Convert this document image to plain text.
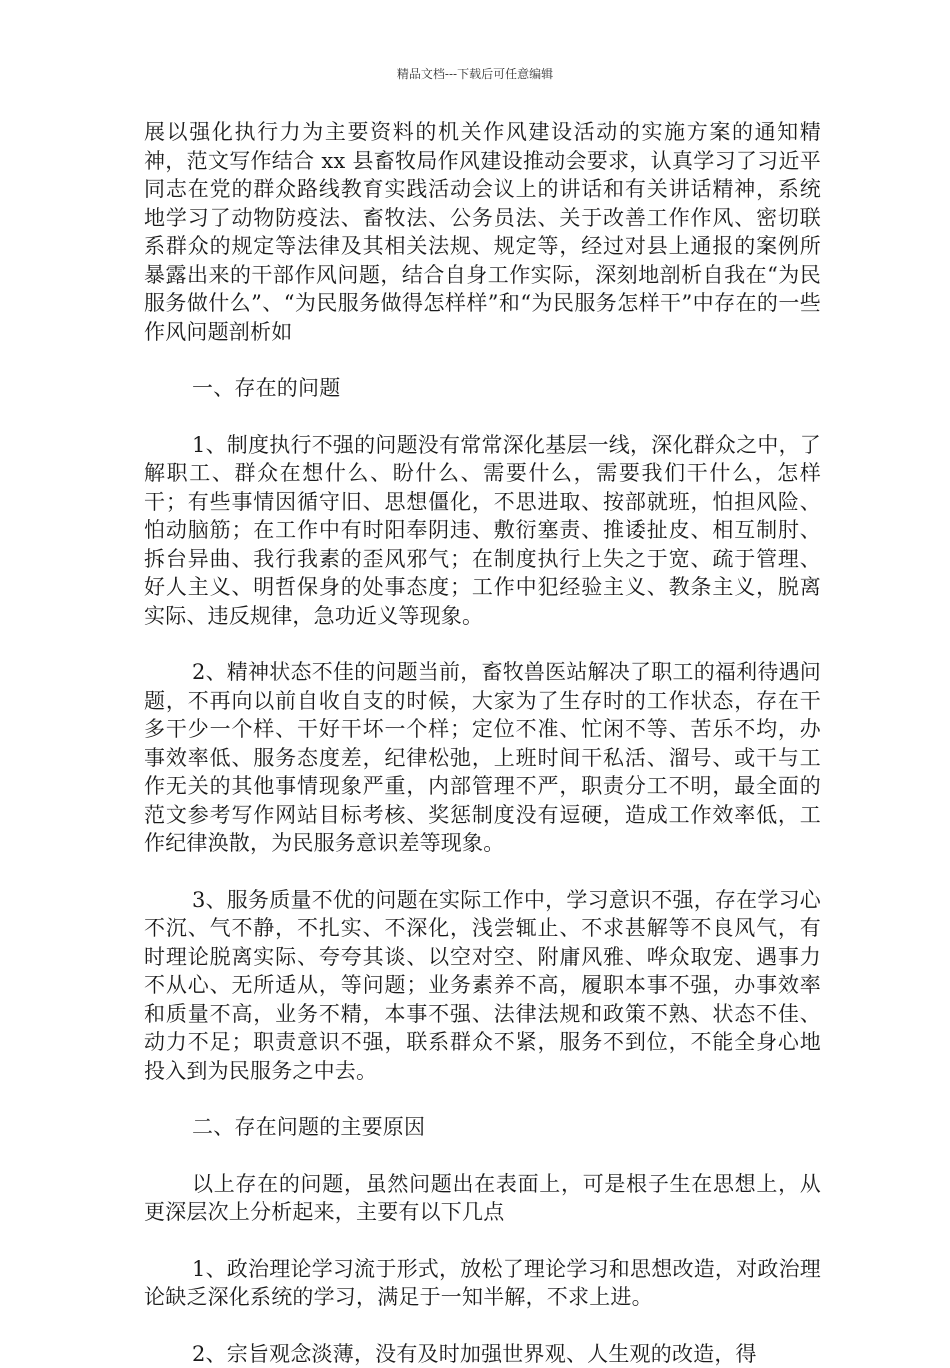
精品文档---下载后可任意编辑

展以强化执行力为主要资料的机关作风建设活动的实施方案的通知精神，范文写作结合 xx 县畜牧局作风建设推动会要求，认真学习了习近平同志在党的群众路线教育实践活动会议上的讲话和有关讲话精神，系统地学习了动物防疫法、畜牧法、公务员法、关于改善工作作风、密切联系群众的规定等法律及其相关法规、规定等，经过对县上通报的案例所暴露出来的干部作风问题，结合自身工作实际，深刻地剖析自我在“为民服务做什么”、“为民服务做得怎样样”和“为民服务怎样干”中存在的一些作风问题剖析如

一、存在的问题

1、制度执行不强的问题没有常常深化基层一线，深化群众之中，了解职工、群众在想什么、盼什么、需要什么，需要我们干什么，怎样干；有些事情因循守旧、思想僵化，不思进取、按部就班，怕担风险、怕动脑筋；在工作中有时阳奉阴违、敷衍塞责、推诿扯皮、相互制肘、拆台异曲、我行我素的歪风邪气；在制度执行上失之于宽、疏于管理、好人主义、明哲保身的处事态度；工作中犯经验主义、教条主义，脱离实际、违反规律，急功近义等现象。

2、精神状态不佳的问题当前，畜牧兽医站解决了职工的福利待遇问题，不再向以前自收自支的时候，大家为了生存时的工作状态，存在干多干少一个样、干好干坏一个样；定位不准、忙闲不等、苦乐不均，办事效率低、服务态度差，纪律松弛，上班时间干私活、溜号、或干与工作无关的其他事情现象严重，内部管理不严，职责分工不明，最全面的范文参考写作网站目标考核、奖惩制度没有逗硬，造成工作效率低，工作纪律涣散，为民服务意识差等现象。

3、服务质量不优的问题在实际工作中，学习意识不强，存在学习心不沉、气不静，不扎实、不深化，浅尝辄止、不求甚解等不良风气，有时理论脱离实际、夸夸其谈、以空对空、附庸风雅、哗众取宠、遇事力不从心、无所适从，等问题；业务素养不高，履职本事不强，办事效率和质量不高，业务不精，本事不强、法律法规和政策不熟、状态不佳、动力不足；职责意识不强，联系群众不紧，服务不到位，不能全身心地投入到为民服务之中去。

二、存在问题的主要原因

以上存在的问题，虽然问题出在表面上，可是根子生在思想上，从更深层次上分析起来，主要有以下几点

1、政治理论学习流于形式，放松了理论学习和思想改造，对政治理论缺乏深化系统的学习，满足于一知半解，不求上进。

2、宗旨观念淡薄，没有及时加强世界观、人生观的改造，得
